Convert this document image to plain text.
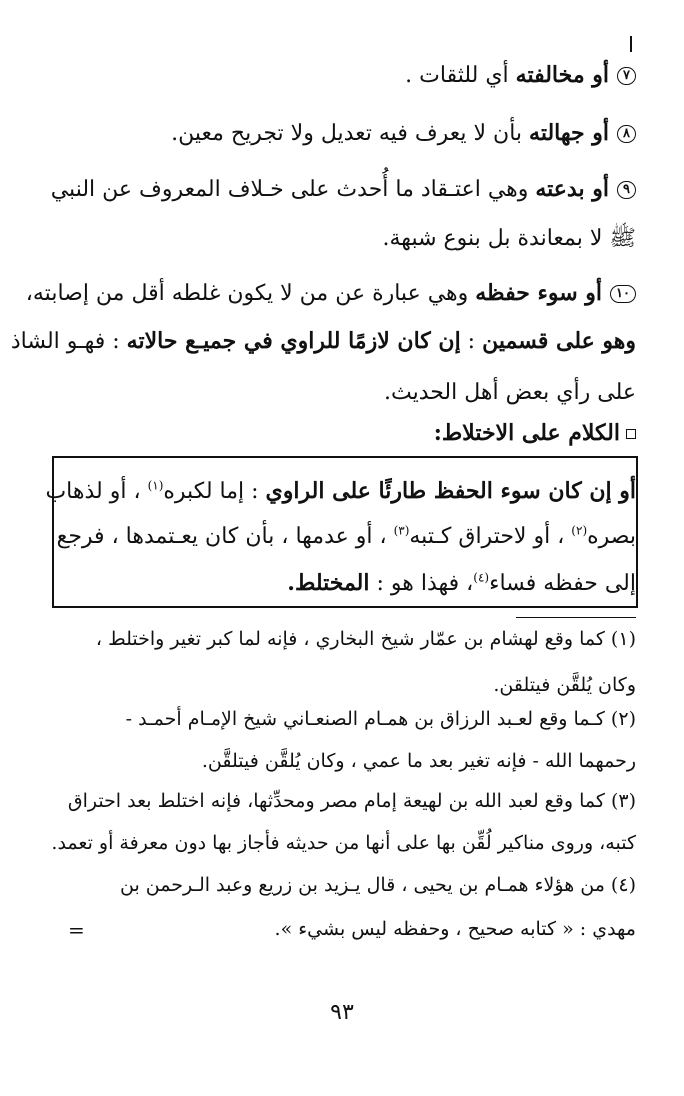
٧أو مخالفته أي للثقات .
٨أو جهالته بأن لا يعرف فيه تعديل ولا تجريح معين.
٩أو بدعته وهي اعتـقاد ما أُحدث على خـلاف المعروف عن النبي
ﷺ لا بمعاندة بل بنوع شبهة.
١٠أو سوء حفظه وهي عبارة عن من لا يكون غلطه أقل من إصابته،
وهو على قسمين : إن كان لازمًا للراوي في جميـع حالاته : فهـو الشاذ
على رأي بعض أهل الحديث.
الكلام على الاختلاط:
أو إن كان سوء الحفظ طارئًا على الراوي : إما لكبره$^{(١)}$ ، أو لذهاب
بصره$^{(٢)}$ ، أو لاحتراق كـتبه$^{(٣)}$ ، أو عدمها ، بأن كان يعـتمدها ، فرجع
إلى حفظه فساء$^{(٤)}$، فهذا هو : المختلط.
(١) كما وقع لهشام بن عمّار شيخ البخاري ، فإنه لما كبر تغير واختلط ،
وكان يُلقَّن فيتلقن.
(٢) كـما وقع لعـبد الرزاق بن همـام الصنعـاني شيخ الإمـام أحمـد -
رحمهما الله - فإنه تغير بعد ما عمي ، وكان يُلقَّن فيتلقَّن.
(٣) كما وقع لعبد الله بن لهيعة إمام مصر ومحدِّثها، فإنه اختلط بعد احتراق
كتبه، وروى مناكير لُقِّن بها على أنها من حديثه فأجاز بها دون معرفة أو تعمد.
(٤) من هؤلاء همـام بن يحيى ، قال يـزيد بن زريع وعبد الـرحمن بن
مهدي : « كتابه صحيح ، وحفظه ليس بشيء ».
=
٩٣
